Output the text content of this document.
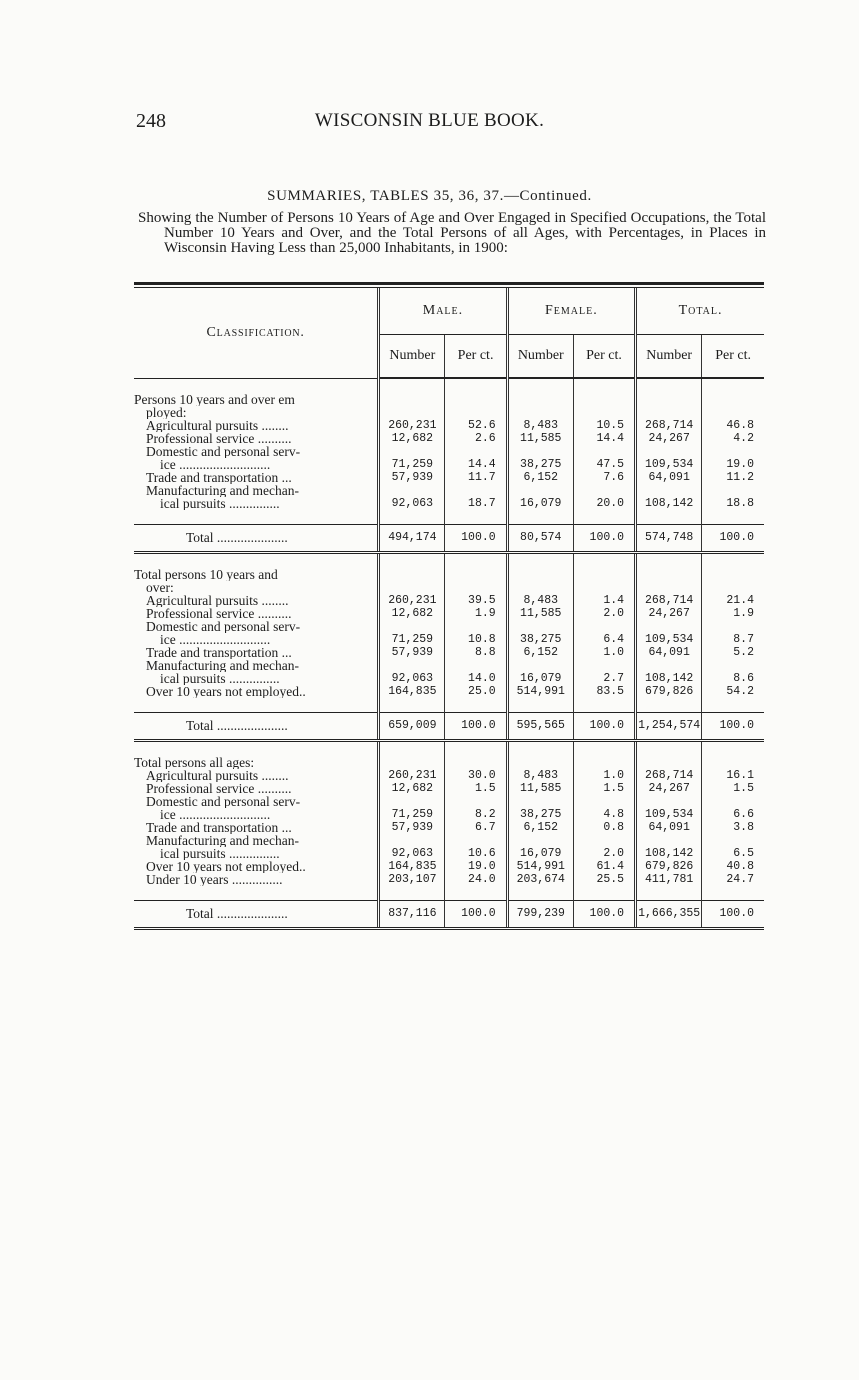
248	WISCONSIN BLUE BOOK.
SUMMARIES, TABLES 35, 36, 37.—Continued.
Showing the Number of Persons 10 Years of Age and Over Engaged in Specified Occupations, the Total Number 10 Years and Over, and the Total Persons of all Ages, with Percentages, in Places in Wisconsin Having Less than 25,000 Inhabitants, in 1900:
Classification.	Male.		Female.		Total.	
	Number	Per ct.	Number	Per ct.	Number	Per ct.
Persons 10 years and over em						
ployed:						
Agricultural pursuits ........	260,231	52.6	8,483	10.5	268,714	46.8
Professional service ..........	12,682	2.6	11,585	14.4	24,267	4.2
Domestic and personal serv-						
ice ...........................	71,259	14.4	38,275	47.5	109,534	19.0
Trade and transportation ...	57,939	11.7	6,152	7.6	64,091	11.2
Manufacturing and mechan-						
ical pursuits ...............	92,063	18.7	16,079	20.0	108,142	18.8

Total .....................	494,174	100.0	80,574	100.0	574,748	100.0
Total persons 10 years and						
over:						
Agricultural pursuits ........	260,231	39.5	8,483	1.4	268,714	21.4
Professional service ..........	12,682	1.9	11,585	2.0	24,267	1.9
Domestic and personal serv-						
ice ...........................	71,259	10.8	38,275	6.4	109,534	8.7
Trade and transportation ...	57,939	8.8	6,152	1.0	64,091	5.2
Manufacturing and mechan-						
ical pursuits ...............	92,063	14.0	16,079	2.7	108,142	8.6
Over 10 years not employed..	164,835	25.0	514,991	83.5	679,826	54.2

Total .....................	659,009	100.0	595,565	100.0	1,254,574	100.0
Total persons all ages:						
Agricultural pursuits ........	260,231	30.0	8,483	1.0	268,714	16.1
Professional service ..........	12,682	1.5	11,585	1.5	24,267	1.5
Domestic and personal serv-						
ice ...........................	71,259	8.2	38,275	4.8	109,534	6.6
Trade and transportation ...	57,939	6.7	6,152	0.8	64,091	3.8
Manufacturing and mechan-						
ical pursuits ...............	92,063	10.6	16,079	2.0	108,142	6.5
Over 10 years not employed..	164,835	19.0	514,991	61.4	679,826	40.8
Under 10 years ...............	203,107	24.0	203,674	25.5	411,781	24.7

Total .....................	837,116	100.0	799,239	100.0	1,666,355	100.0
